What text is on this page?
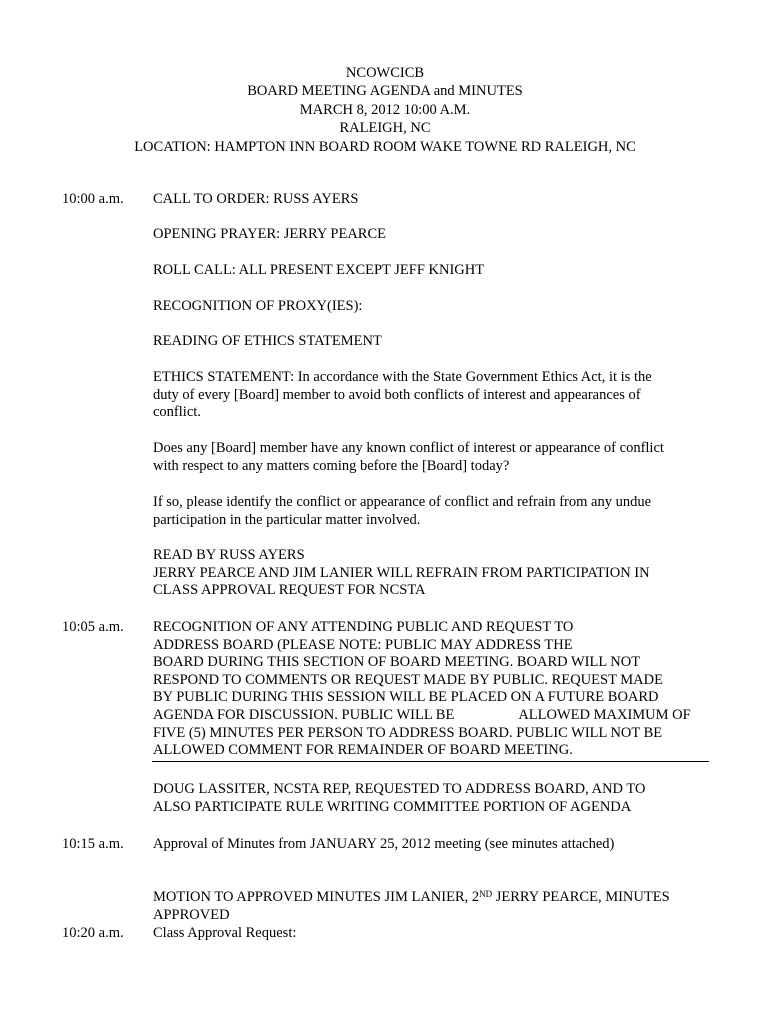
NCOWCICB
BOARD MEETING AGENDA and MINUTES
MARCH 8, 2012 10:00 A.M.
RALEIGH, NC
LOCATION: HAMPTON INN BOARD ROOM WAKE TOWNE RD RALEIGH, NC
10:00 a.m. CALL TO ORDER: RUSS AYERS
OPENING PRAYER: JERRY PEARCE
ROLL CALL: ALL PRESENT EXCEPT JEFF KNIGHT
RECOGNITION OF PROXY(IES):
READING OF ETHICS STATEMENT
ETHICS STATEMENT: In accordance with the State Government Ethics Act, it is the
duty of every [Board] member to avoid both conflicts of interest and appearances of
conflict.
Does any [Board] member have any known conflict of interest or appearance of conflict
with respect to any matters coming before the [Board] today?
If so, please identify the conflict or appearance of conflict and refrain from any undue
participation in the particular matter involved.
READ BY RUSS AYERS
JERRY PEARCE AND JIM LANIER WILL REFRAIN FROM PARTICIPATION IN
CLASS APPROVAL REQUEST FOR NCSTA
10:05 a.m. RECOGNITION OF ANY ATTENDING PUBLIC AND REQUEST TO
ADDRESS BOARD (PLEASE NOTE: PUBLIC MAY ADDRESS THE
BOARD DURING THIS SECTION OF BOARD MEETING. BOARD WILL NOT
RESPOND TO COMMENTS OR REQUEST MADE BY PUBLIC. REQUEST MADE
BY PUBLIC DURING THIS SESSION WILL BE PLACED ON A FUTURE BOARD
AGENDA FOR DISCUSSION. PUBLIC WILL BE	ALLOWED MAXIMUM OF
FIVE (5) MINUTES PER PERSON TO ADDRESS BOARD. PUBLIC WILL NOT BE
ALLOWED COMMENT FOR REMAINDER OF BOARD MEETING.
DOUG LASSITER, NCSTA REP, REQUESTED TO ADDRESS BOARD, AND TO
ALSO PARTICIPATE RULE WRITING COMMITTEE PORTION OF AGENDA
10:15 a.m. Approval of Minutes from JANUARY 25, 2012 meeting (see minutes attached)
MOTION TO APPROVED MINUTES JIM LANIER, 2ND JERRY PEARCE, MINUTES
APPROVED
10:20 a.m. Class Approval Request:
